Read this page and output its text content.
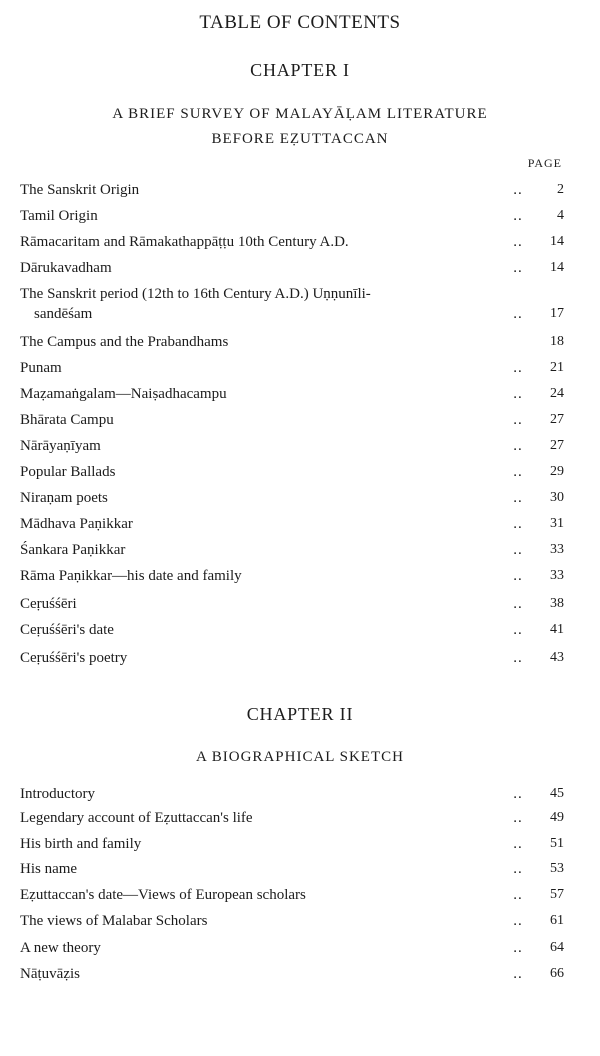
TABLE OF CONTENTS
CHAPTER I
A BRIEF SURVEY OF MALAYĀḶAM LITERATURE
BEFORE EẒUTTACCAN
PAGE
The Sanskrit Origin	..	2
Tamil Origin	..	4
Rāmacaritam and Rāmakathappāṭṭu 10th Century A.D.	..	14
Dārukavadham	..	14
The Sanskrit period (12th to 16th Century A.D.) Uṇṇunīli-
sandēśam	..	17
The Campus and the Prabandhams	18
Punam	..	21
Maẓamaṅgalam—Naiṣadhacampu	..	24
Bhārata Campu	..	27
Nārāyaṇīyam	..	27
Popular Ballads	..	29
Niraṇam poets	..	30
Mādhava Paṇikkar	..	31
Śankara Paṇikkar	..	33
Rāma Paṇikkar—his date and family	..	33
Ceṛuśśēri	..	38
Ceṛuśśēri's date	..	41
Ceṛuśśēri's poetry	..	43
CHAPTER II
A BIOGRAPHICAL SKETCH
Introductory	..	45
Legendary account of Eẓuttaccan's life	..	49
His birth and family	..	51
His name	..	53
Eẓuttaccan's date—Views of European scholars	..	57
The views of Malabar Scholars	..	61
A new theory	..	64
Nāṭuvāẓis	..	66
